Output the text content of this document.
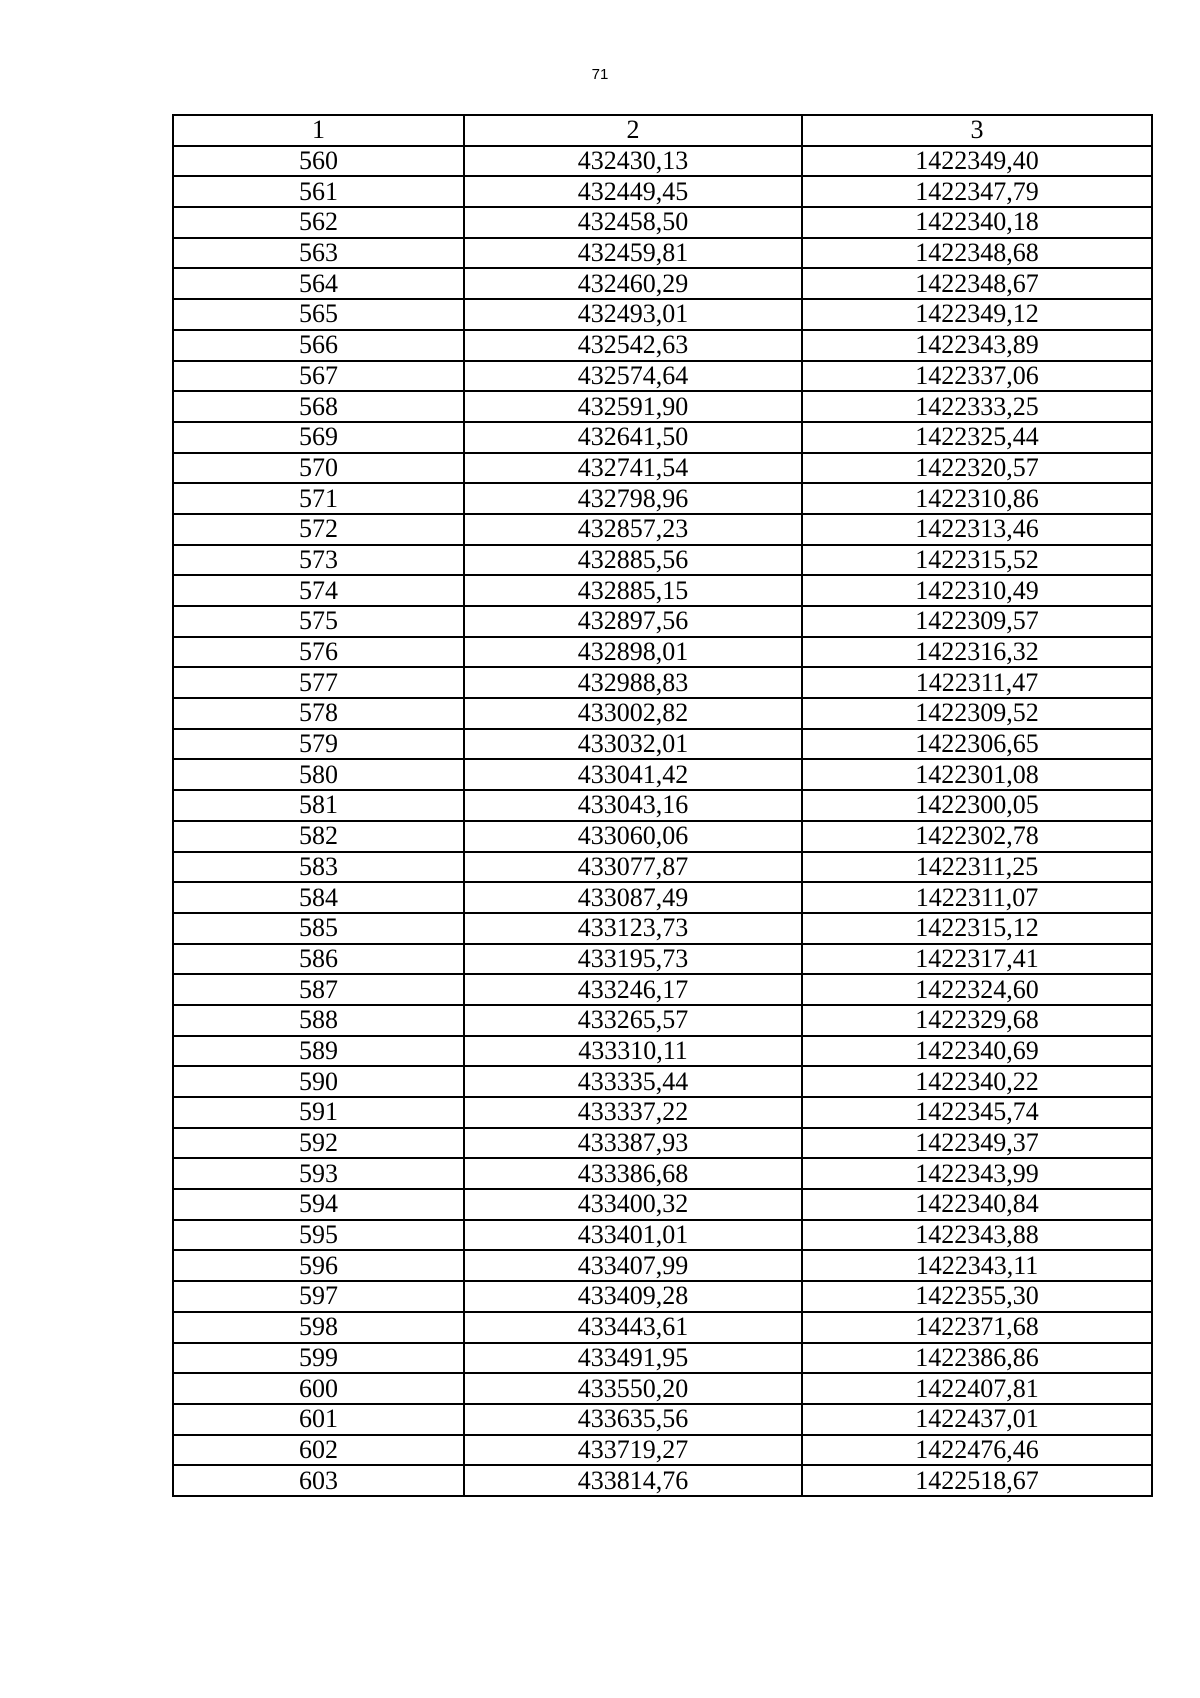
71
1	2	3
560	432430,13	1422349,40
561	432449,45	1422347,79
562	432458,50	1422340,18
563	432459,81	1422348,68
564	432460,29	1422348,67
565	432493,01	1422349,12
566	432542,63	1422343,89
567	432574,64	1422337,06
568	432591,90	1422333,25
569	432641,50	1422325,44
570	432741,54	1422320,57
571	432798,96	1422310,86
572	432857,23	1422313,46
573	432885,56	1422315,52
574	432885,15	1422310,49
575	432897,56	1422309,57
576	432898,01	1422316,32
577	432988,83	1422311,47
578	433002,82	1422309,52
579	433032,01	1422306,65
580	433041,42	1422301,08
581	433043,16	1422300,05
582	433060,06	1422302,78
583	433077,87	1422311,25
584	433087,49	1422311,07
585	433123,73	1422315,12
586	433195,73	1422317,41
587	433246,17	1422324,60
588	433265,57	1422329,68
589	433310,11	1422340,69
590	433335,44	1422340,22
591	433337,22	1422345,74
592	433387,93	1422349,37
593	433386,68	1422343,99
594	433400,32	1422340,84
595	433401,01	1422343,88
596	433407,99	1422343,11
597	433409,28	1422355,30
598	433443,61	1422371,68
599	433491,95	1422386,86
600	433550,20	1422407,81
601	433635,56	1422437,01
602	433719,27	1422476,46
603	433814,76	1422518,67
